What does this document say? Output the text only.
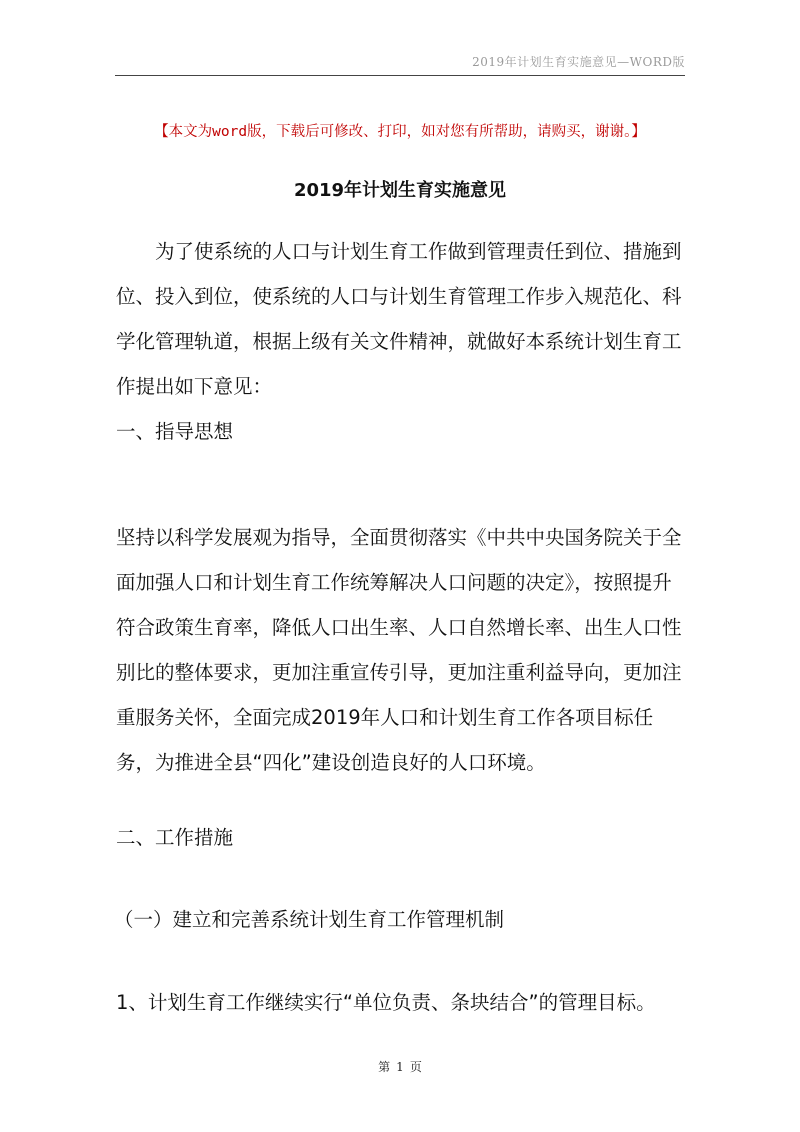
2019年计划生育实施意见—WORD版
【本文为word版，下载后可修改、打印，如对您有所帮助，请购买，谢谢。】
2019年计划生育实施意见

为了使系统的人口与计划生育工作做到管理责任到位、措施到位、投入到位，使系统的人口与计划生育管理工作步入规范化、科学化管理轨道，根据上级有关文件精神，就做好本系统计划生育工作提出如下意见：

一、指导思想

坚持以科学发展观为指导，全面贯彻落实《中共中央国务院关于全面加强人口和计划生育工作统筹解决人口问题的决定》，按照提升符合政策生育率，降低人口出生率、人口自然增长率、出生人口性别比的整体要求，更加注重宣传引导，更加注重利益导向，更加注重服务关怀，全面完成2019年人口和计划生育工作各项目标任务，为推进全县“四化”建设创造良好的人口环境。

二、工作措施
（一）建立和完善系统计划生育工作管理机制
1、计划生育工作继续实行“单位负责、条块结合”的管理目标。
第 1 页
